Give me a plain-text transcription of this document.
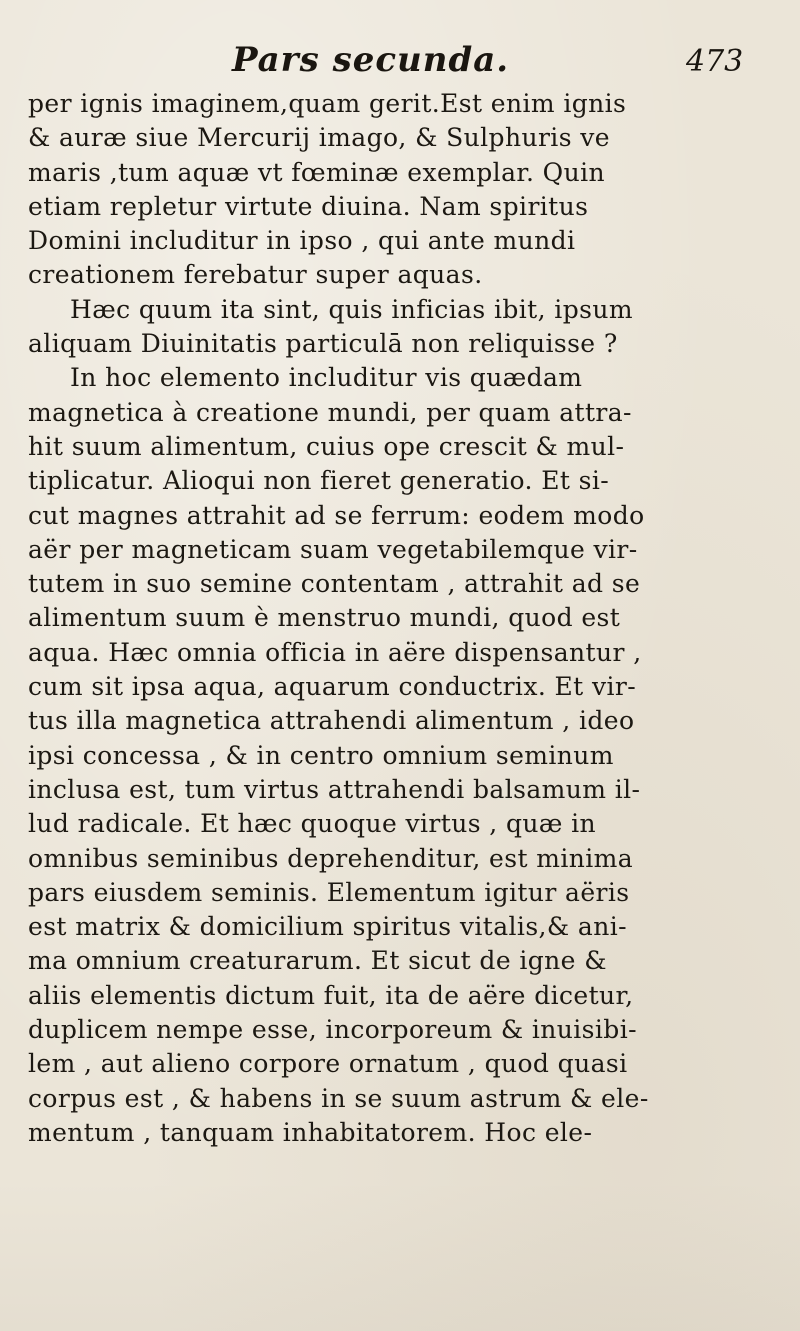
Pars secunda.	473
per ignis imaginem,quam gerit.Est enim ignis
& auræ siue Mercurij imago, & Sulphuris ve
maris ,tum aquæ vt fœminæ exemplar. Quin
etiam repletur virtute diuina. Nam spiritus
Domini includitur in ipso , qui ante mundi
creationem ferebatur super aquas.
Hæc quum ita sint, quis inficias ibit, ipsum
aliquam Diuinitatis particulā non reliquisse ?
In hoc elemento includitur vis quædam
magnetica à creatione mundi, per quam attra-
hit suum alimentum, cuius ope crescit & mul-
tiplicatur. Alioqui non fieret generatio. Et si-
cut magnes attrahit ad se ferrum: eodem modo
aër per magneticam suam vegetabilemque vir-
tutem in suo semine contentam , attrahit ad se
alimentum suum è menstruo mundi, quod est
aqua. Hæc omnia officia in aëre dispensantur ,
cum sit ipsa aqua, aquarum conductrix. Et vir-
tus illa magnetica attrahendi alimentum , ideo
ipsi concessa , & in centro omnium seminum
inclusa est, tum virtus attrahendi balsamum il-
lud radicale. Et hæc quoque virtus , quæ in
omnibus seminibus deprehenditur, est minima
pars eiusdem seminis. Elementum igitur aëris
est matrix & domicilium spiritus vitalis,& ani-
ma omnium creaturarum. Et sicut de igne &
aliis elementis dictum fuit, ita de aëre dicetur,
duplicem nempe esse, incorporeum & inuisibi-
lem , aut alieno corpore ornatum , quod quasi
corpus est , & habens in se suum astrum & ele-
mentum , tanquam inhabitatorem. Hoc ele-
